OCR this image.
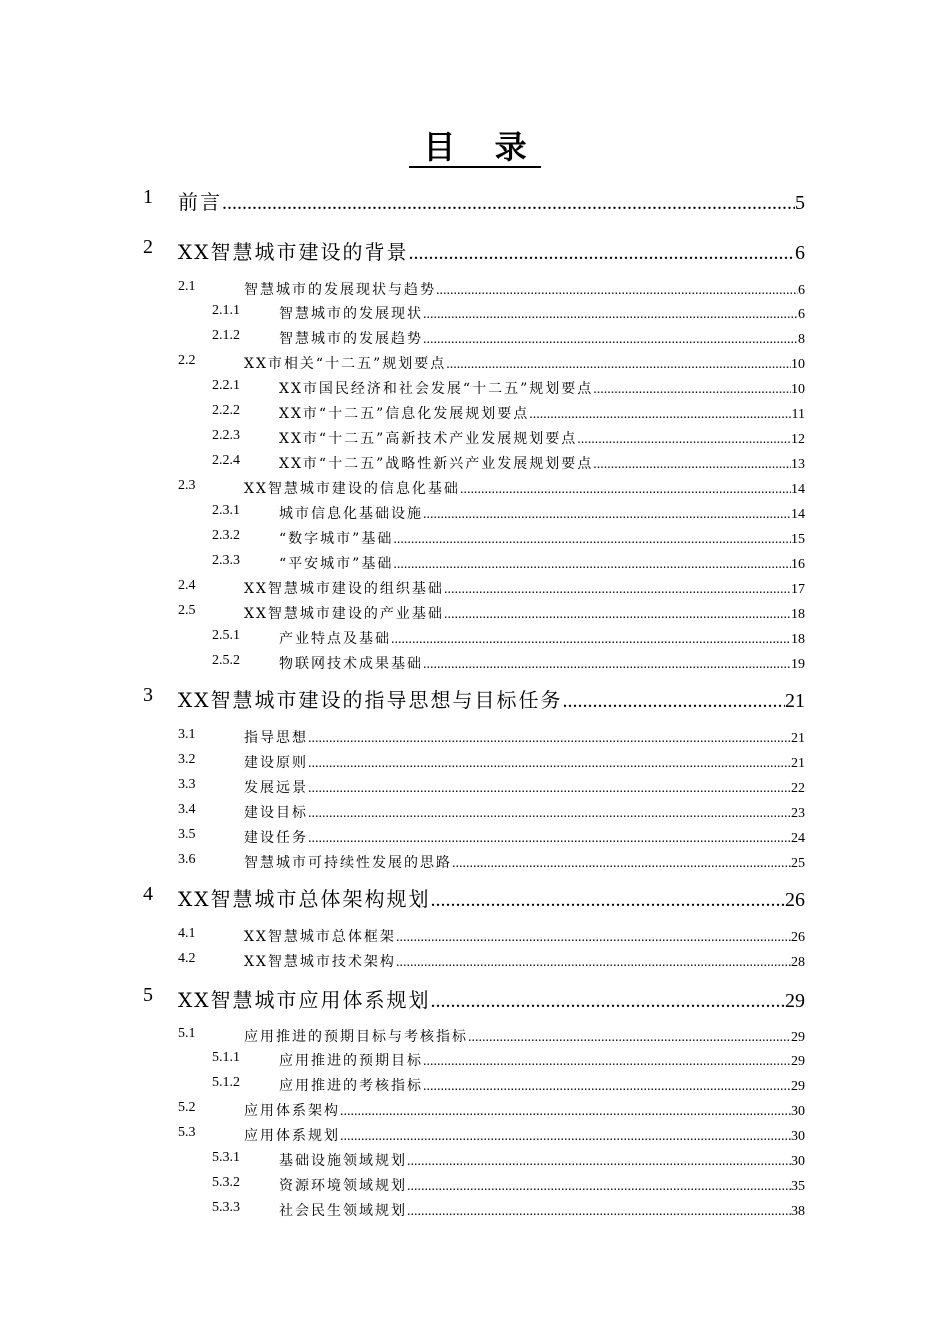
目 录
1 前言 .....	5
2 XX智慧城市建设的背景 .....	6
2.1	智慧城市的发展现状与趋势 .....	6
2.1.1	智慧城市的发展现状 .....	6
2.1.2	智慧城市的发展趋势 .....	8
2.2	XX市相关“十二五”规划要点 .....	10
2.2.1	XX市国民经济和社会发展“十二五”规划要点 .....	10
2.2.2	XX市“十二五”信息化发展规划要点 .....	11
2.2.3	XX市“十二五”高新技术产业发展规划要点 .....	12
2.2.4	XX市“十二五”战略性新兴产业发展规划要点 .....	13
2.3	XX智慧城市建设的信息化基础 .....	14
2.3.1	城市信息化基础设施 .....	14
2.3.2	“数字城市”基础 .....	15
2.3.3	“平安城市”基础 .....	16
2.4	XX智慧城市建设的组织基础 .....	17
2.5	XX智慧城市建设的产业基础 .....	18
2.5.1	产业特点及基础 .....	18
2.5.2	物联网技术成果基础 .....	19
3 XX智慧城市建设的指导思想与目标任务 .....	21
3.1	指导思想 .....	21
3.2	建设原则 .....	21
3.3	发展远景 .....	22
3.4	建设目标 .....	23
3.5	建设任务 .....	24
3.6	智慧城市可持续性发展的思路 .....	25
4 XX智慧城市总体架构规划 .....	26
4.1	XX智慧城市总体框架 .....	26
4.2	XX智慧城市技术架构 .....	28
5 XX智慧城市应用体系规划 .....	29
5.1	应用推进的预期目标与考核指标 .....	29
5.1.1	应用推进的预期目标 .....	29
5.1.2	应用推进的考核指标 .....	29
5.2	应用体系架构 .....	30
5.3	应用体系规划 .....	30
5.3.1	基础设施领域规划 .....	30
5.3.2	资源环境领域规划 .....	35
5.3.3	社会民生领域规划 .....	38
